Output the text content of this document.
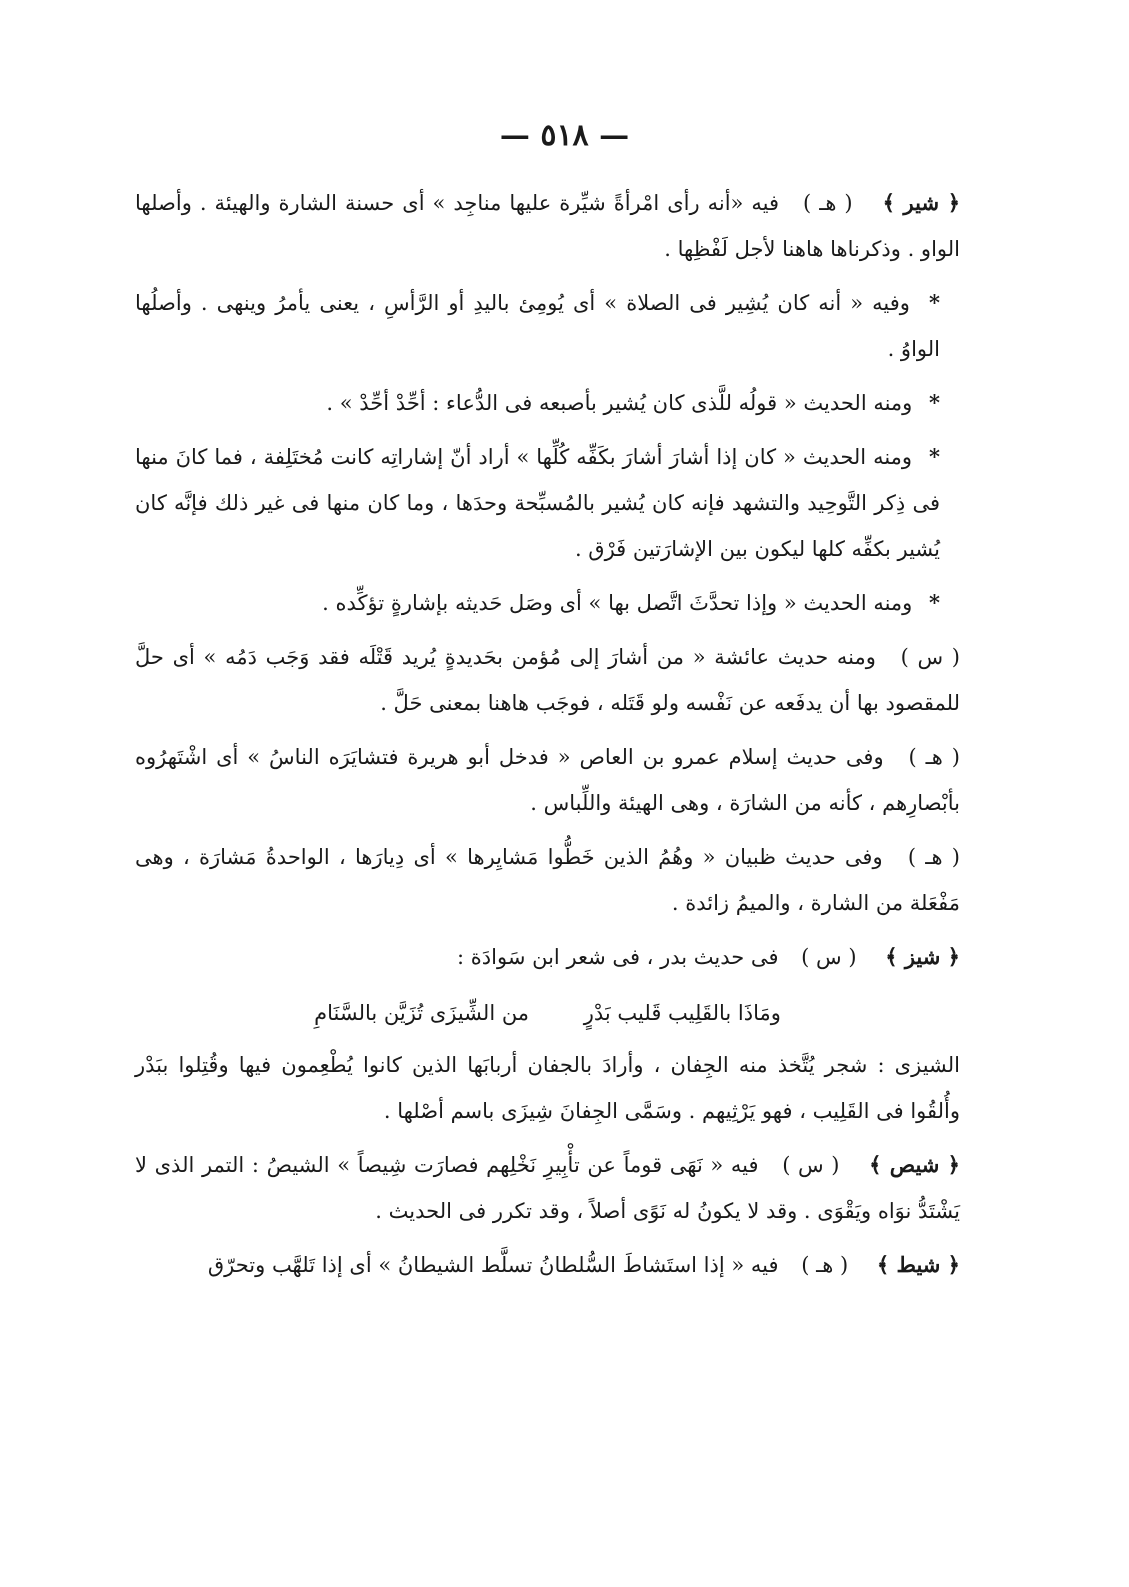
— ٥١٨ —

﴿ شير ﴾ ( هـ ) فيه «أنه رأى امْرأةً شيِّرة عليها مناجِد » أى حسنة الشارة والهيئة . وأصلها الواو . وذكرناها هاهنا لأجل لَفْظِها .

* وفيه « أنه كان يُشِير فى الصلاة » أى يُومِئ باليدِ أو الرَّأسِ ، يعنى يأمرُ وينهى . وأصلُها الواوُ .

* ومنه الحديث « قولُه للَّذى كان يُشير بأصبعه فى الدُّعاء : أحِّدْ أحِّدْ » .

* ومنه الحديث « كان إذا أشارَ أشارَ بكَفِّه كُلِّها » أراد أنّ إشاراتِه كانت مُختَلِفة ، فما كانَ منها فى ذِكر التَّوحِيد والتشهد فإنه كان يُشير بالمُسبِّحة وحدَها ، وما كان منها فى غير ذلك فإنَّه كان يُشير بكفِّه كلها ليكون بين الإشارَتين فَرْق .

* ومنه الحديث « وإذا تحدَّثَ اتَّصل بها » أى وصَل حَديثه بإشارةٍ تؤكِّده .

( س ) ومنه حديث عائشة « من أشارَ إلى مُؤمن بحَديدةٍ يُريد قَتْلَه فقد وَجَب دَمُه » أى حلَّ للمقصود بها أن يدفَعه عن نَفْسه ولو قَتَله ، فوجَب هاهنا بمعنى حَلَّ .

( هـ ) وفى حديث إسلام عمرو بن العاص « فدخل أبو هريرة فتشايَرَه الناسُ » أى اشْتَهرُوه بأبْصارِهم ، كأنه من الشارَة ، وهى الهيئة واللِّباس .

( هـ ) وفى حديث ظبيان « وهُمُ الذين خَطُّوا مَشايِرها » أى دِيارَها ، الواحدةُ مَشارَة ، وهى مَفْعَلة من الشارة ، والميمُ زائدة .

﴿ شيز ﴾ ( س ) فى حديث بدر ، فى شعر ابن سَوادَة :

ومَاذَا بالقَلِيب قَليب بَدْرٍ من الشِّيزَى تُزَيَّن بالسَّنَامِ

الشيزى : شجر يُتَّخذ منه الجِفان ، وأرادَ بالجفان أربابَها الذين كانوا يُطْعِمون فيها وقُتِلوا ببَدْر وأُلقُوا فى القَلِيب ، فهو يَرْثِيهم . وسَمَّى الجِفانَ شِيزَى باسم أصْلها .

﴿ شيص ﴾ ( س ) فيه « نَهَى قوماً عن تأْبِيرِ نَخْلِهم فصارَت شِيصاً » الشيصُ : التمر الذى لا يَشْتَدُّ نوَاه ويَقْوَى . وقد لا يكونُ له نَوًى أصلاً ، وقد تكرر فى الحديث .

﴿ شيط ﴾ ( هـ ) فيه « إذا استَشاطَ السُّلطانُ تسلَّط الشيطانُ » أى إذا تَلهَّب وتحرّق
